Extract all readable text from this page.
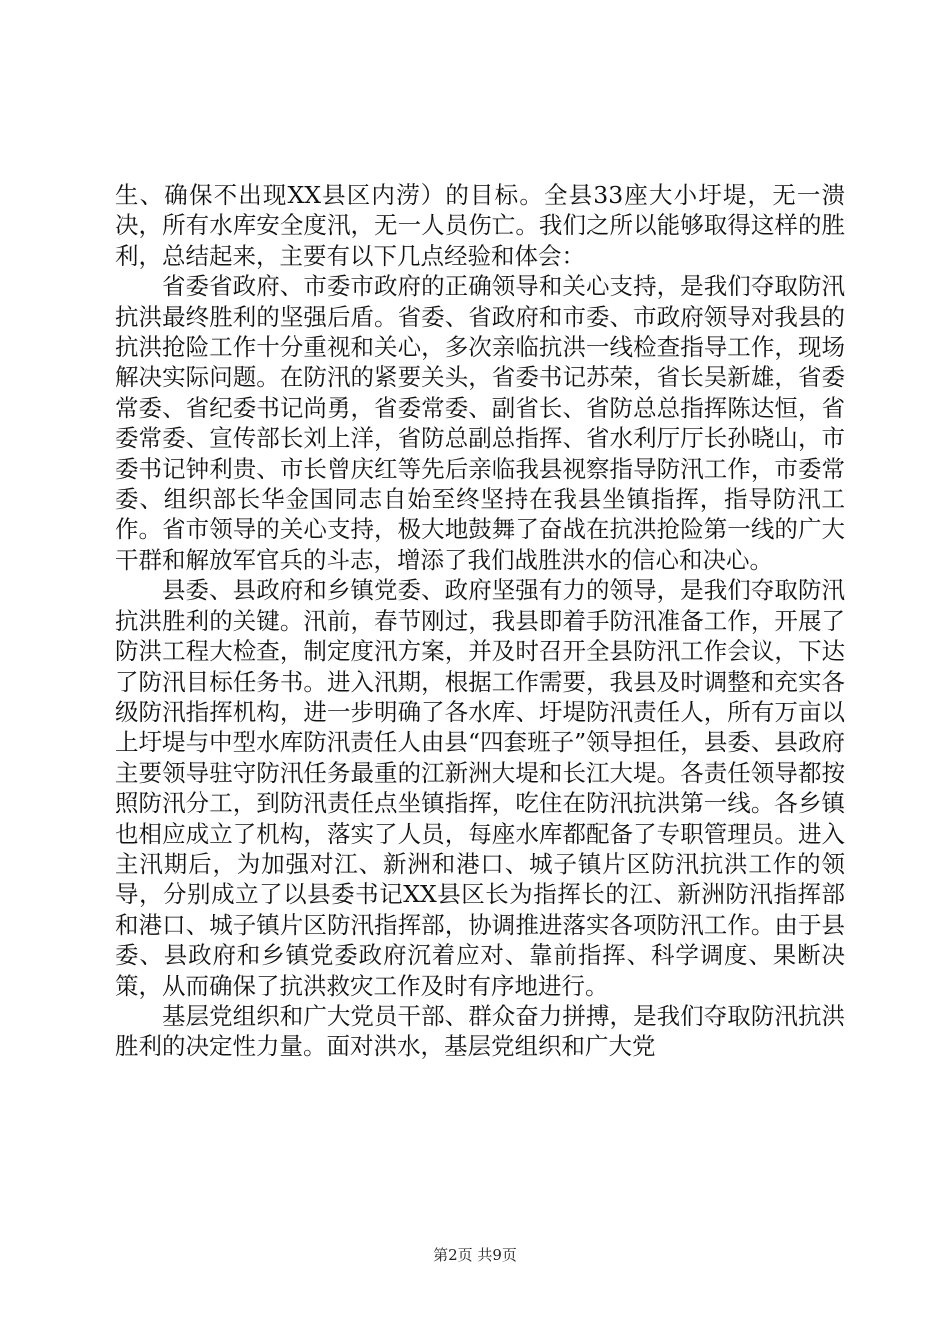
生、确保不出现XX县区内涝）的目标。全县33座大小圩堤，无一溃决，所有水库安全度汛，无一人员伤亡。我们之所以能够取得这样的胜利，总结起来，主要有以下几点经验和体会：

省委省政府、市委市政府的正确领导和关心支持，是我们夺取防汛抗洪最终胜利的坚强后盾。省委、省政府和市委、市政府领导对我县的抗洪抢险工作十分重视和关心，多次亲临抗洪一线检查指导工作，现场解决实际问题。在防汛的紧要关头，省委书记苏荣，省长吴新雄，省委常委、省纪委书记尚勇，省委常委、副省长、省防总总指挥陈达恒，省委常委、宣传部长刘上洋，省防总副总指挥、省水利厅厅长孙晓山，市委书记钟利贵、市长曾庆红等先后亲临我县视察指导防汛工作，市委常委、组织部长华金国同志自始至终坚持在我县坐镇指挥，指导防汛工作。省市领导的关心支持，极大地鼓舞了奋战在抗洪抢险第一线的广大干群和解放军官兵的斗志，增添了我们战胜洪水的信心和决心。

县委、县政府和乡镇党委、政府坚强有力的领导，是我们夺取防汛抗洪胜利的关键。汛前，春节刚过，我县即着手防汛准备工作，开展了防洪工程大检查，制定度汛方案，并及时召开全县防汛工作会议，下达了防汛目标任务书。进入汛期，根据工作需要，我县及时调整和充实各级防汛指挥机构，进一步明确了各水库、圩堤防汛责任人，所有万亩以上圩堤与中型水库防汛责任人由县“四套班子”领导担任，县委、县政府主要领导驻守防汛任务最重的江新洲大堤和长江大堤。各责任领导都按照防汛分工，到防汛责任点坐镇指挥，吃住在防汛抗洪第一线。各乡镇也相应成立了机构，落实了人员，每座水库都配备了专职管理员。进入主汛期后，为加强对江、新洲和港口、城子镇片区防汛抗洪工作的领导，分别成立了以县委书记XX县区长为指挥长的江、新洲防汛指挥部和港口、城子镇片区防汛指挥部，协调推进落实各项防汛工作。由于县委、县政府和乡镇党委政府沉着应对、靠前指挥、科学调度、果断决策，从而确保了抗洪救灾工作及时有序地进行。

基层党组织和广大党员干部、群众奋力拼搏，是我们夺取防汛抗洪胜利的决定性力量。面对洪水，基层党组织和广大党

第2页 共9页
